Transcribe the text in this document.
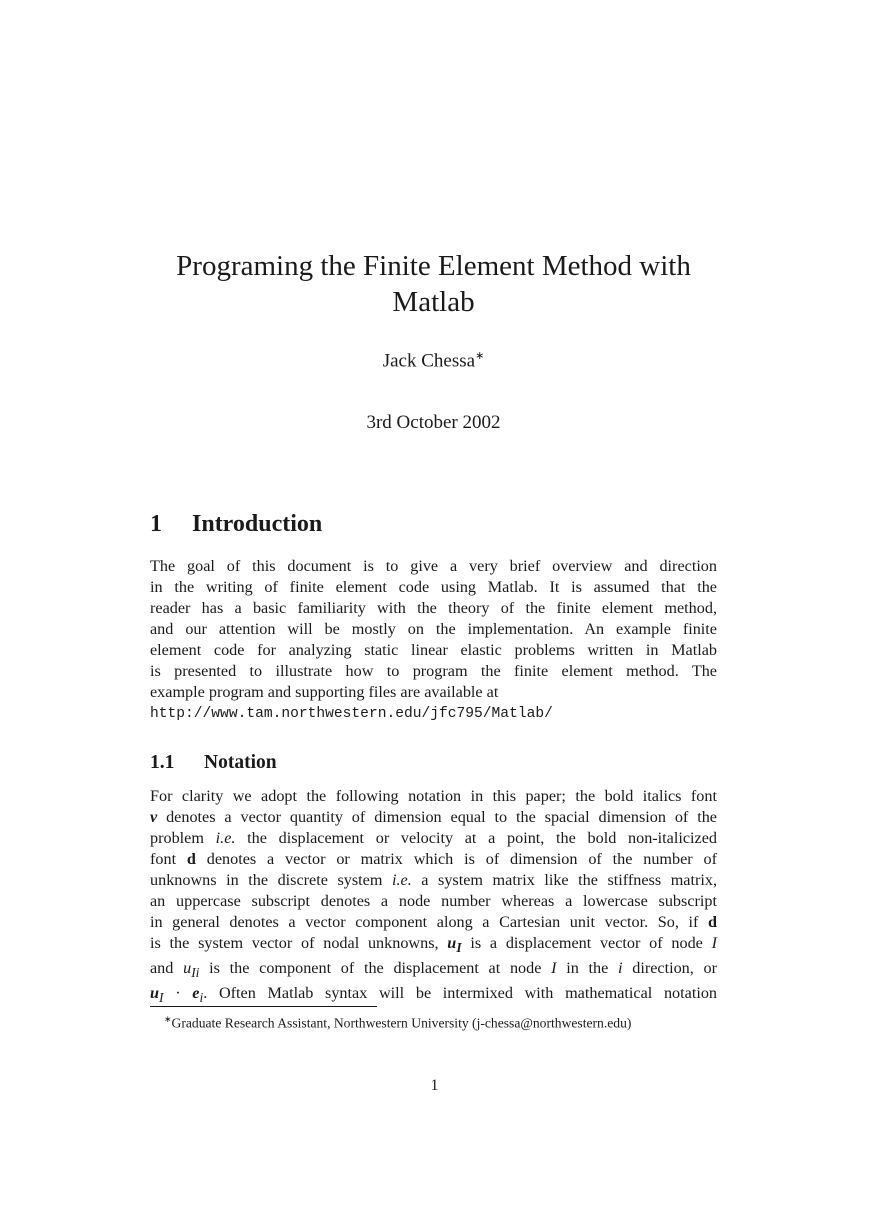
Programing the Finite Element Method with
Matlab
Jack Chessa∗
3rd October 2002
1 Introduction
The goal of this document is to give a very brief overview and direction
in the writing of finite element code using Matlab. It is assumed that the
reader has a basic familiarity with the theory of the finite element method,
and our attention will be mostly on the implementation. An example finite
element code for analyzing static linear elastic problems written in Matlab
is presented to illustrate how to program the finite element method. The
example program and supporting files are available at
http://www.tam.northwestern.edu/jfc795/Matlab/
1.1 Notation
For clarity we adopt the following notation in this paper; the bold italics font
v denotes a vector quantity of dimension equal to the spacial dimension of the
problem i.e. the displacement or velocity at a point, the bold non-italicized
font d denotes a vector or matrix which is of dimension of the number of
unknowns in the discrete system i.e. a system matrix like the stiffness matrix,
an uppercase subscript denotes a node number whereas a lowercase subscript
in general denotes a vector component along a Cartesian unit vector. So, if d
is the system vector of nodal unknowns, $u_I$ is a displacement vector of node I
and $u_{Ii}$ is the component of the displacement at node I in the i direction, or
$u_I \cdot e_i$. Often Matlab syntax will be intermixed with mathematical notation
∗Graduate Research Assistant, Northwestern University (j-chessa@northwestern.edu)
1
